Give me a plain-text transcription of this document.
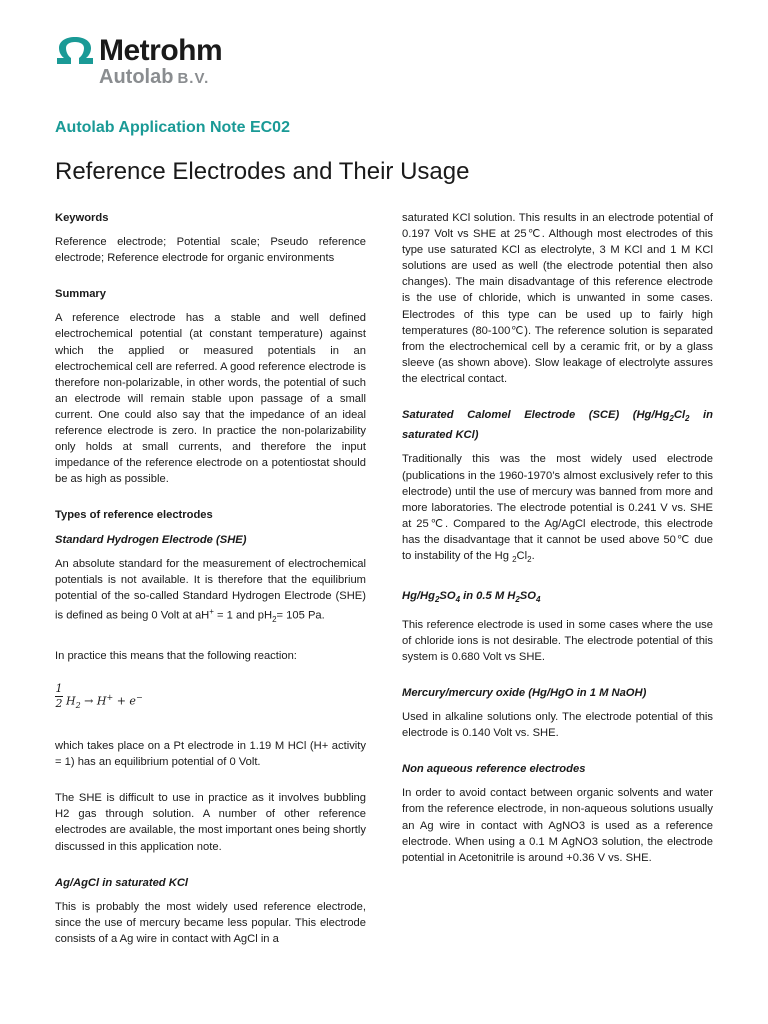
Metrohm
Autolab B.V.
Autolab Application Note EC02
Reference Electrodes and Their Usage
Keywords

Reference electrode; Potential scale; Pseudo reference electrode; Reference electrode for organic environments

Summary

A reference electrode has a stable and well defined electrochemical potential (at constant temperature) against which the applied or measured potentials in an electrochemical cell are referred. A good reference electrode is therefore non-polarizable, in other words, the potential of such an electrode will remain stable upon passage of a small current. One could also say that the impedance of an ideal reference electrode is zero. In practice the non-polarizability only holds at small currents, and therefore the input impedance of the reference electrode on a potentiostat should be as high as possible.

Types of reference electrodes
Standard Hydrogen Electrode (SHE)

An absolute standard for the measurement of electrochemical potentials is not available. It is therefore that the equilibrium potential of the so-called Standard Hydrogen Electrode (SHE) is defined as being 0 Volt at aH+ = 1 and $pH_2= 105$ Pa.

In practice this means that the following reaction:

$\frac{1}{2} H_2 \to H^+ + e^-$

which takes place on a Pt electrode in 1.19 M HCl (H+ activity = 1) has an equilibrium potential of 0 Volt.

The SHE is difficult to use in practice as it involves bubbling H2 gas through solution. A number of other reference electrodes are available, the most important ones being shortly discussed in this application note.

Ag/AgCl in saturated KCl

This is probably the most widely used reference electrode, since the use of mercury became less popular. This electrode consists of a Ag wire in contact with AgCl in a

saturated KCl solution. This results in an electrode potential of 0.197 Volt vs SHE at 25℃. Although most electrodes of this type use saturated KCl as electrolyte, 3 M KCl and 1 M KCl solutions are used as well (the electrode potential then also changes). The main disadvantage of this reference electrode is the use of chloride, which is unwanted in some cases. Electrodes of this type can be used up to fairly high temperatures (80-100℃). The reference solution is separated from the electrochemical cell by a ceramic frit, or by a glass sleeve (as shown above). Slow leakage of electrolyte assures the electrical contact.

Saturated Calomel Electrode (SCE) ($Hg/Hg_2Cl_2$ in saturated KCl)

Traditionally this was the most widely used electrode (publications in the 1960-1970’s almost exclusively refer to this electrode) until the use of mercury was banned from more and more laboratories. The electrode potential is 0.241 V vs. SHE at 25℃. Compared to the Ag/AgCl electrode, this electrode has the disadvantage that it cannot be used above 50℃ due to instability of the Hg $_2Cl_2$.

$Hg/Hg_2SO_4$ in 0.5 M $H_2SO_4$

This reference electrode is used in some cases where the use of chloride ions is not desirable. The electrode potential of this system is 0.680 Volt vs SHE.

Mercury/mercury oxide (Hg/HgO in 1 M NaOH)

Used in alkaline solutions only. The electrode potential of this electrode is 0.140 Volt vs. SHE.

Non aqueous reference electrodes

In order to avoid contact between organic solvents and water from the reference electrode, in non-aqueous solutions usually an Ag wire in contact with AgNO3 is used as a reference electrode. When using a 0.1 M AgNO3 solution, the electrode potential in Acetonitrile is around +0.36 V vs. SHE.
